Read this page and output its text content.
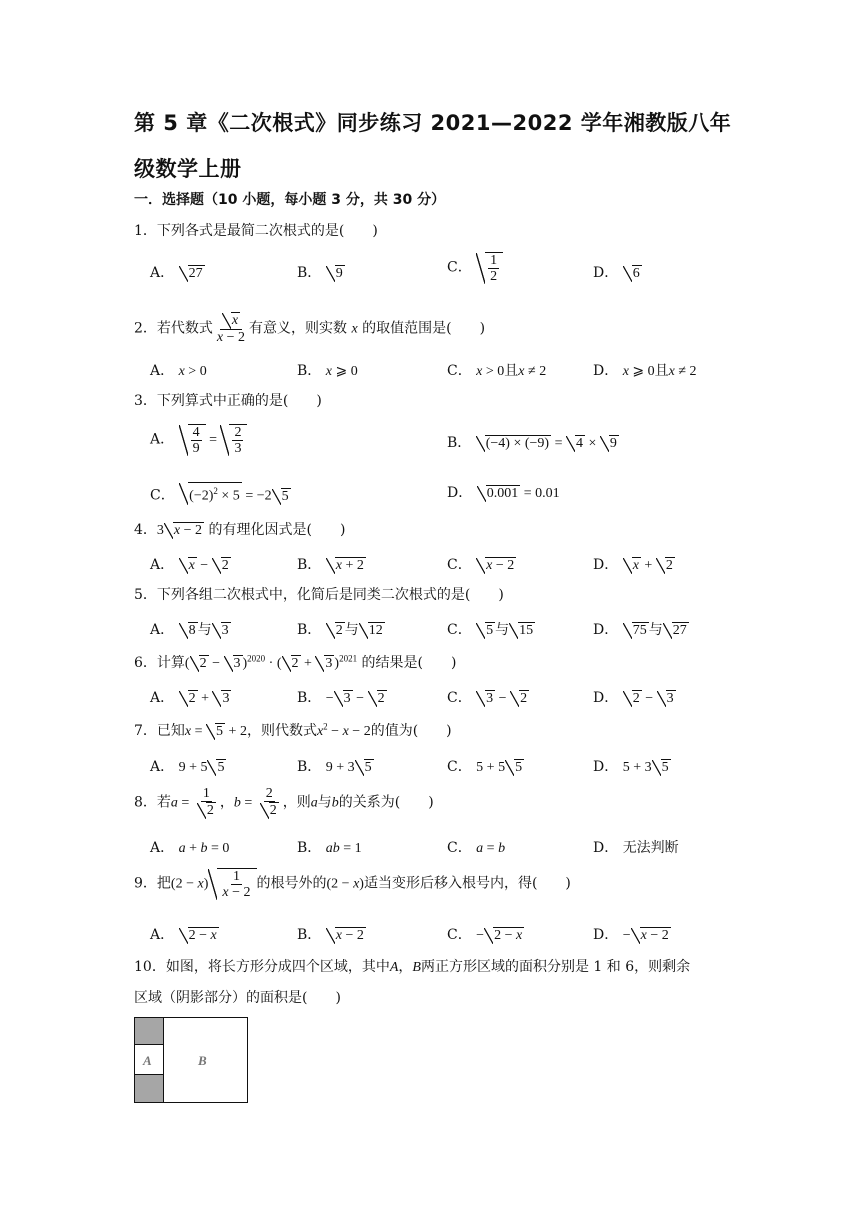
第 5 章《二次根式》同步练习 2021—2022 学年湘教版八年级数学上册
一．选择题（10 小题，每小题 3 分，共 30 分）
1．下列各式是最简二次根式的是(　　)
A． 27	B． 9	C． $\frac{1}{2}$	D． 6
2．若代数式 $\frac{x}{x - 2}$ 有意义，则实数 x 的取值范围是(　　)
A． x > 0	B． x ⩾ 0	C． x > 0且x ≠ 2	D． x ⩾ 0且x ≠ 2
3．下列算式中正确的是(　　)
A． $\frac{4}{9} = \frac{2}{3}$	B． (−4) × (−9) = 4 × 9
C． $(-2)^2 \times 5 = -2$ 5	D． 0.001 = 0.01
4．3 x − 2 的有理化因式是(　　)
A． x − 2	B． x + 2	C． x − 2	D． x + 2
5．下列各组二次根式中，化简后是同类二次根式的是(　　)
A． 8 与 3	B． 2 与 12	C． 5 与 15	D． 75 与 27
6．计算( 2 − 3 )$^{2020}$ · ( 2 + 3 )$^{2021}$ 的结果是(　　)
A． 2 + 3	B． − 3 − 2	C． 3 − 2	D． 2 − 3
7．已知x = 5 + 2，则代数式$x^2 - x - 2$的值为(　　)
A． 9 + 5 5	B． 9 + 3 5	C． 5 + 5 5	D． 5 + 3 5
8．若$a = \frac{1}{2}$ ，$b = \frac{2}{2}$ ，则a与b的关系为(　　)
A． a + b = 0	B． ab = 1	C． a = b	D． 无法判断
9．把$(2 - x) \frac{1}{x - 2}$ 的根号外的(2 − x)适当变形后移入根号内，得(　　)
A． 2 − x	B． x − 2	C． − 2 − x	D． − x − 2
10．如图，将长方形分成四个区域，其中A，B两正方形区域的面积分别是 1 和 6，则剩余
区域（阴影部分）的面积是(　　)
A	B
